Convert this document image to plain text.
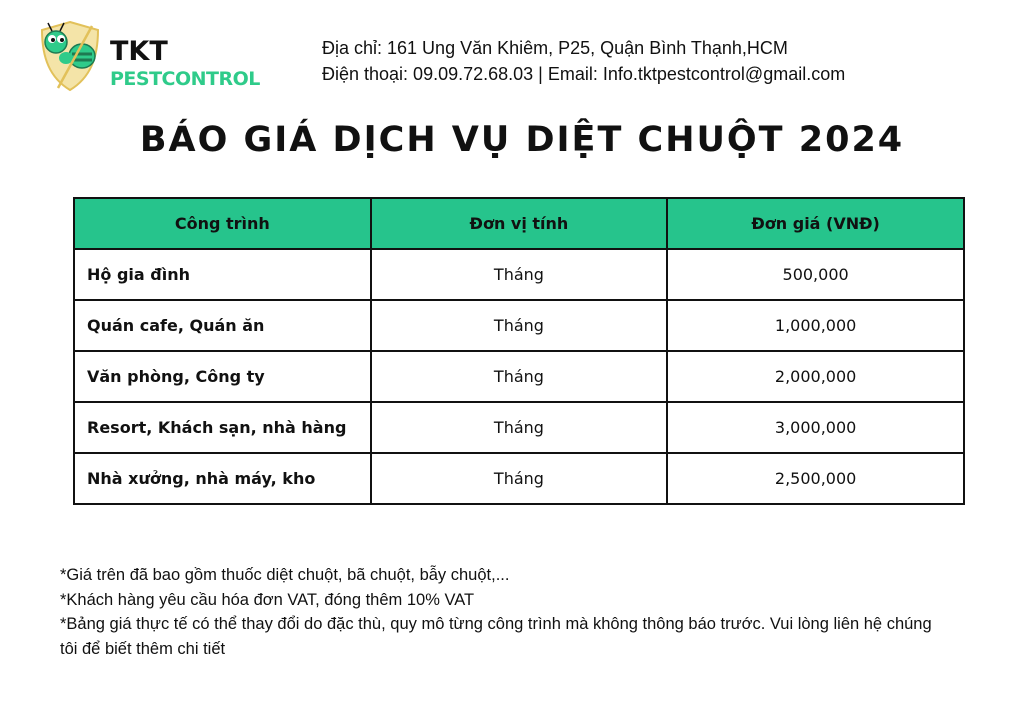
TKT
PESTCONTROL
Địa chỉ: 161 Ung Văn Khiêm, P25, Quận Bình Thạnh,HCM
Điện thoại: 09.09.72.68.03 | Email: Info.tktpestcontrol@gmail.com
BÁO GIÁ DỊCH VỤ DIỆT CHUỘT 2024
Công trình	Đơn vị tính	Đơn giá (VNĐ)
Hộ gia đình	Tháng	500,000
Quán cafe, Quán ăn	Tháng	1,000,000
Văn phòng, Công ty	Tháng	2,000,000
Resort, Khách sạn, nhà hàng	Tháng	3,000,000
Nhà xưởng, nhà máy, kho	Tháng	2,500,000
*Giá trên đã bao gồm thuốc diệt chuột, bã chuột, bẫy chuột,...
*Khách hàng yêu cầu hóa đơn VAT, đóng thêm 10% VAT
*Bảng giá thực tế có thể thay đổi do đặc thù, quy mô từng công trình mà không thông báo trước. Vui lòng liên hệ chúng tôi để biết thêm chi tiết
